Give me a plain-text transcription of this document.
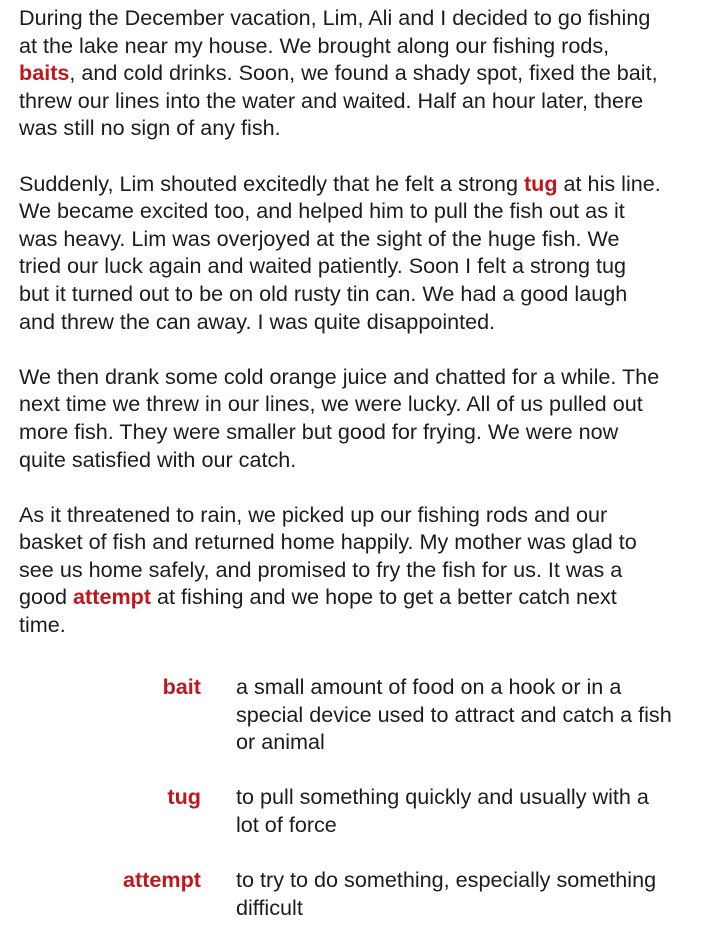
During the December vacation, Lim, Ali and I decided to go fishing
at the lake near my house. We brought along our fishing rods,
baits, and cold drinks. Soon, we found a shady spot, fixed the bait,
threw our lines into the water and waited. Half an hour later, there
was still no sign of any fish.

Suddenly, Lim shouted excitedly that he felt a strong tug at his line.
We became excited too, and helped him to pull the fish out as it
was heavy. Lim was overjoyed at the sight of the huge fish. We
tried our luck again and waited patiently. Soon I felt a strong tug
but it turned out to be on old rusty tin can. We had a good laugh
and threw the can away. I was quite disappointed.

We then drank some cold orange juice and chatted for a while. The
next time we threw in our lines, we were lucky. All of us pulled out
more fish. They were smaller but good for frying. We were now
quite satisfied with our catch.

As it threatened to rain, we picked up our fishing rods and our
basket of fish and returned home happily. My mother was glad to
see us home safely, and promised to fry the fish for us. It was a
good attempt at fishing and we hope to get a better catch next
time.

bait a small amount of food on a hook or in a
special device used to attract and catch a fish
or animal
tug to pull something quickly and usually with a
lot of force
attempt to try to do something, especially something
difficult
